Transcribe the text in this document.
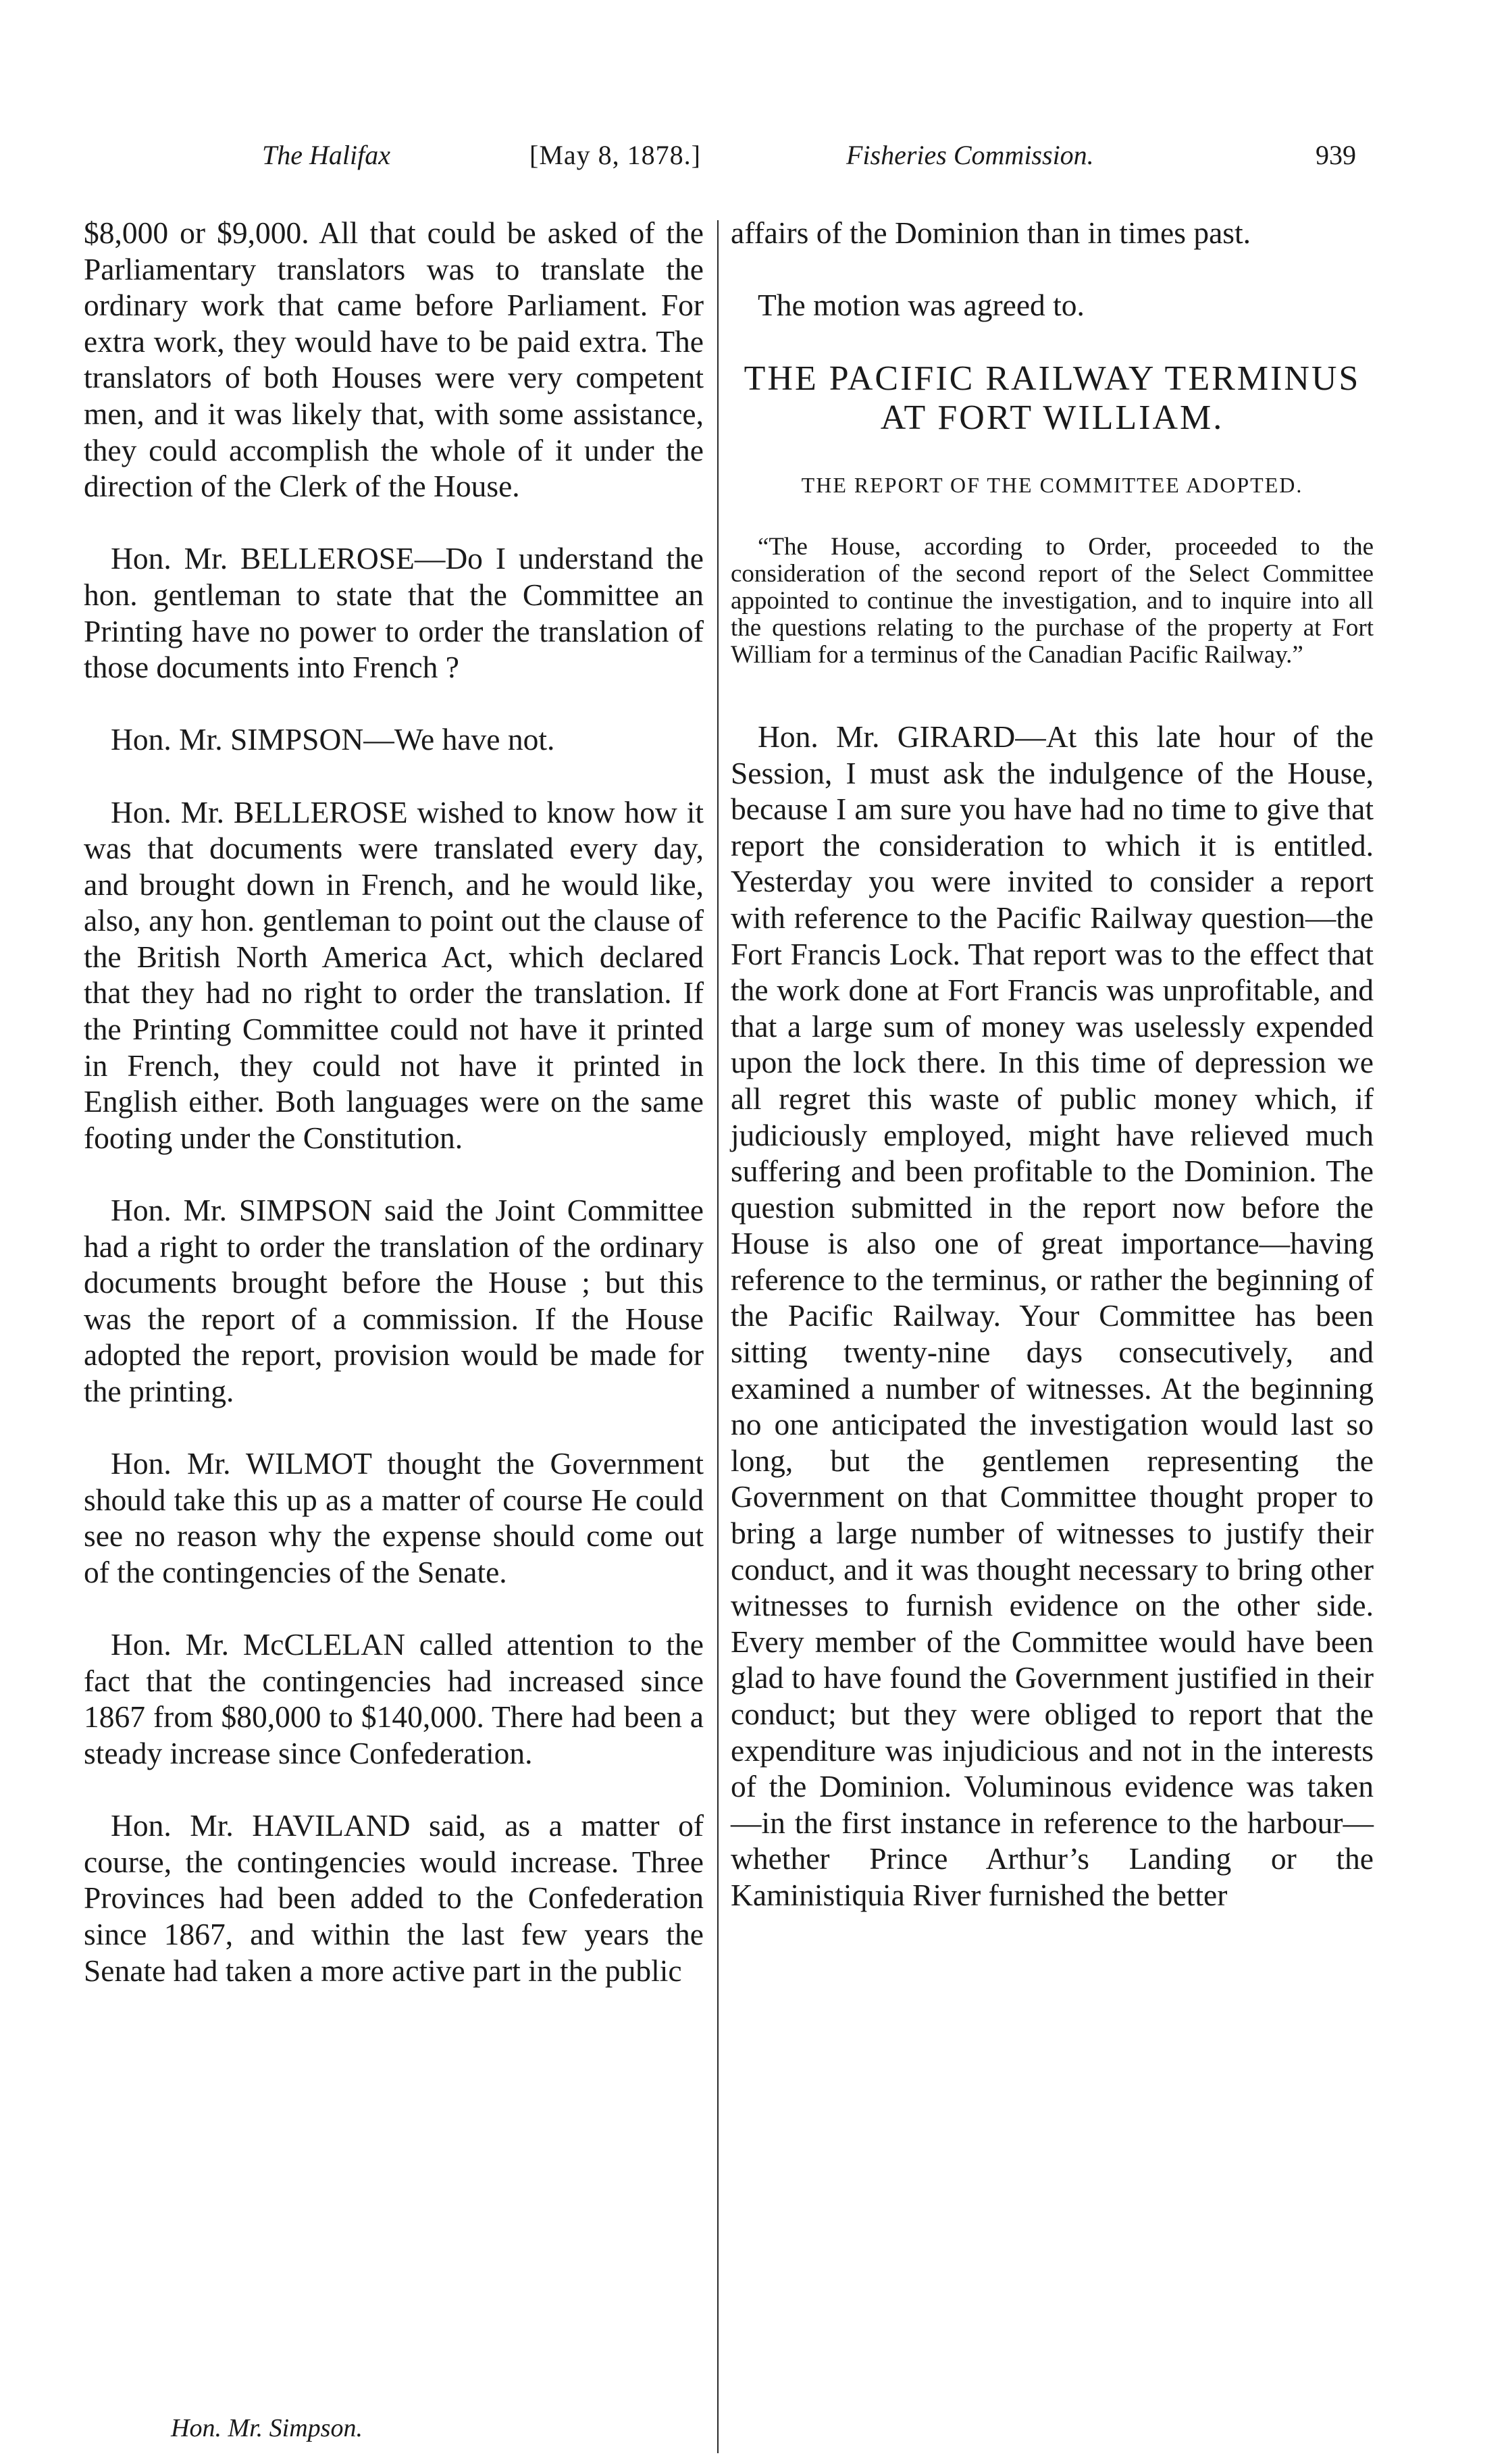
The Halifax	[May 8, 1878.]	Fisheries Commission.	939

$8,000 or $9,000. All that could be asked of the Parliamentary translators was to translate the ordinary work that came before Parliament. For extra work, they would have to be paid extra. The translators of both Houses were very competent men, and it was likely that, with some assistance, they could accomplish the whole of it under the direction of the Clerk of the House.

Hon. Mr. BELLEROSE—Do I understand the hon. gentleman to state that the Committee an Printing have no power to order the translation of those documents into French ?

Hon. Mr. SIMPSON—We have not.

Hon. Mr. BELLEROSE wished to know how it was that documents were translated every day, and brought down in French, and he would like, also, any hon. gentleman to point out the clause of the British North America Act, which declared that they had no right to order the translation. If the Printing Committee could not have it printed in French, they could not have it printed in English either. Both languages were on the same footing under the Constitution.

Hon. Mr. SIMPSON said the Joint Committee had a right to order the translation of the ordinary documents brought before the House ; but this was the report of a commission. If the House adopted the report, provision would be made for the printing.

Hon. Mr. WILMOT thought the Government should take this up as a matter of course He could see no reason why the expense should come out of the contingencies of the Senate.

Hon. Mr. McCLELAN called attention to the fact that the contingencies had increased since 1867 from $80,000 to $140,000. There had been a steady increase since Confederation.

Hon. Mr. HAVILAND said, as a matter of course, the contingencies would increase. Three Provinces had been added to the Confederation since 1867, and within the last few years the Senate had taken a more active part in the public

affairs of the Dominion than in times past.

The motion was agreed to.

THE PACIFIC RAILWAY TERMINUS AT FORT WILLIAM.
THE REPORT OF THE COMMITTEE ADOPTED.
“The House, according to Order, proceeded to the consideration of the second report of the Select Committee appointed to continue the investigation, and to inquire into all the questions relating to the purchase of the property at Fort William for a terminus of the Canadian Pacific Railway.”

Hon. Mr. GIRARD—At this late hour of the Session, I must ask the indulgence of the House, because I am sure you have had no time to give that report the consideration to which it is entitled. Yesterday you were invited to consider a report with reference to the Pacific Railway question—the Fort Francis Lock. That report was to the effect that the work done at Fort Francis was unprofitable, and that a large sum of money was uselessly expended upon the lock there. In this time of depression we all regret this waste of public money which, if judiciously employed, might have relieved much suffering and been profitable to the Dominion. The question submitted in the report now before the House is also one of great importance—having reference to the terminus, or rather the beginning of the Pacific Railway. Your Committee has been sitting twenty-nine days consecutively, and examined a number of witnesses. At the beginning no one anticipated the investigation would last so long, but the gentlemen representing the Government on that Committee thought proper to bring a large number of witnesses to justify their conduct, and it was thought necessary to bring other witnesses to furnish evidence on the other side. Every member of the Committee would have been glad to have found the Government justified in their conduct; but they were obliged to report that the expenditure was injudicious and not in the interests of the Dominion. Voluminous evidence was taken—in the first instance in reference to the harbour—whether Prince Arthur’s Landing or the Kaministiquia River furnished the better

Hon. Mr. Simpson.
